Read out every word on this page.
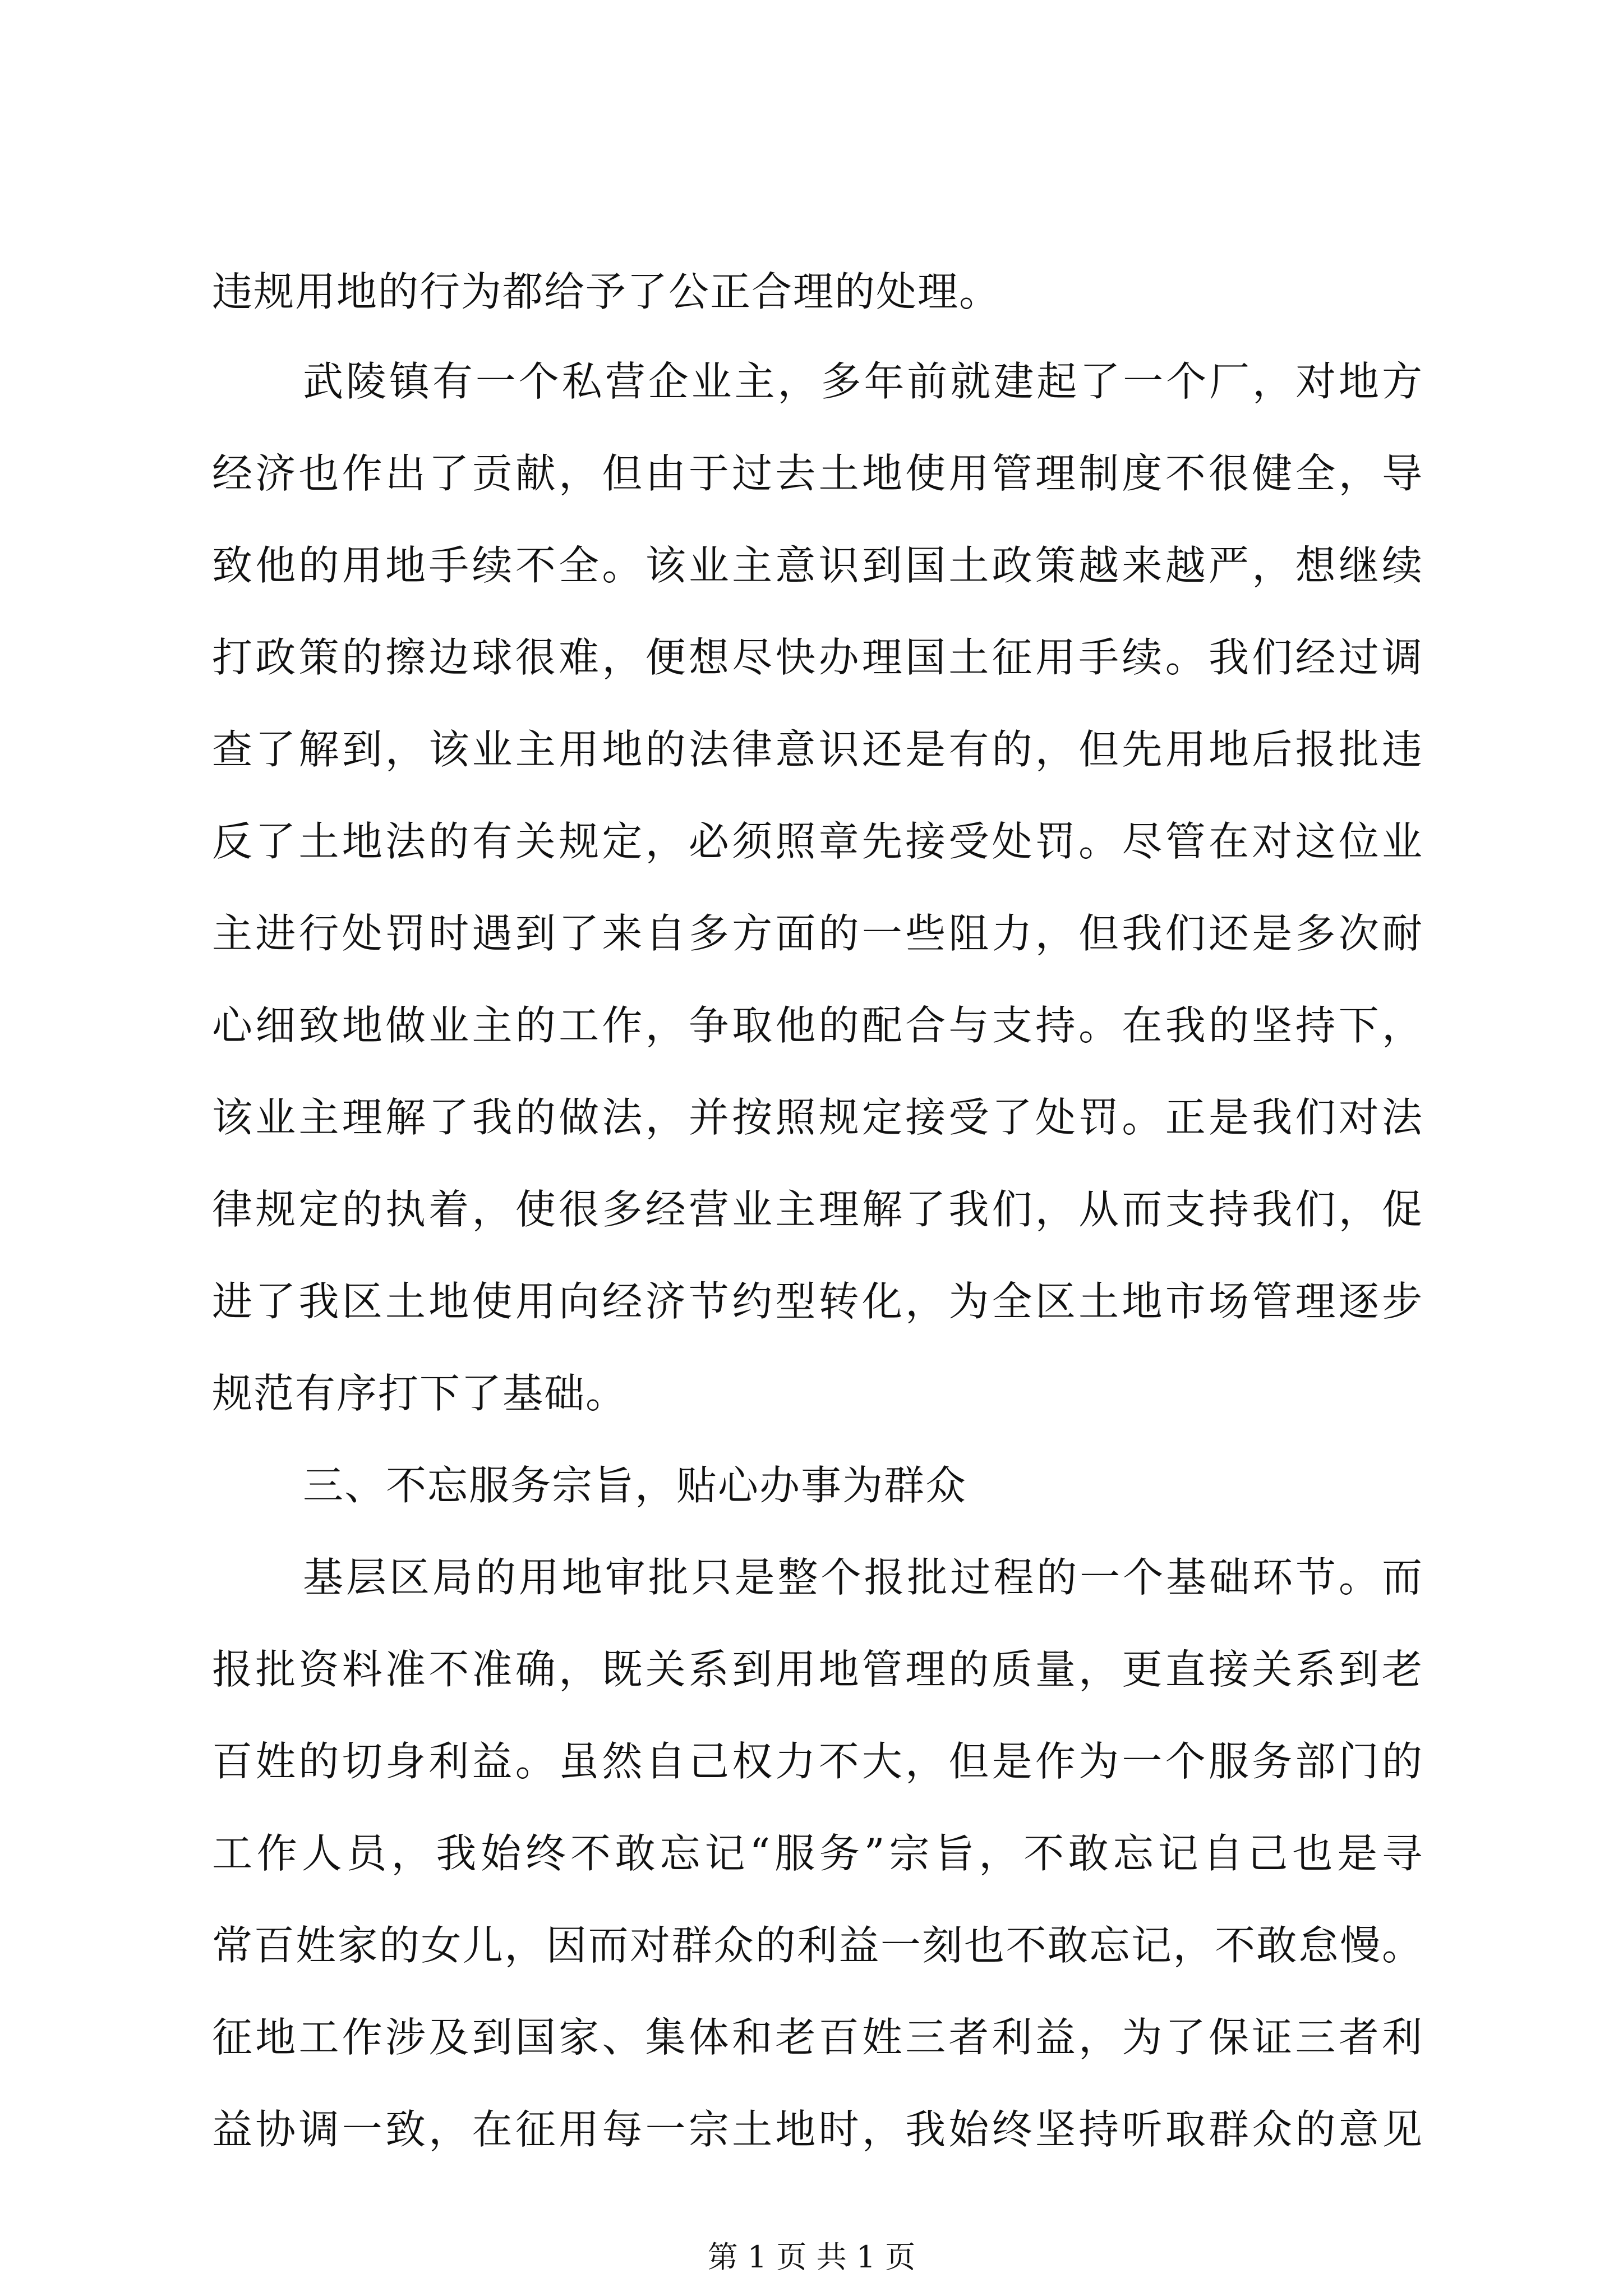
违规用地的行为都给予了公正合理的处理。
武陵镇有一个私营企业主，多年前就建起了一个厂，对地方
经济也作出了贡献，但由于过去土地使用管理制度不很健全，导
致他的用地手续不全。该业主意识到国土政策越来越严，想继续
打政策的擦边球很难，便想尽快办理国土征用手续。我们经过调
查了解到，该业主用地的法律意识还是有的，但先用地后报批违
反了土地法的有关规定，必须照章先接受处罚。尽管在对这位业
主进行处罚时遇到了来自多方面的一些阻力，但我们还是多次耐
心细致地做业主的工作，争取他的配合与支持。在我的坚持下，
该业主理解了我的做法，并按照规定接受了处罚。正是我们对法
律规定的执着，使很多经营业主理解了我们，从而支持我们，促
进了我区土地使用向经济节约型转化，为全区土地市场管理逐步
规范有序打下了基础。
三、不忘服务宗旨，贴心办事为群众
基层区局的用地审批只是整个报批过程的一个基础环节。而
报批资料准不准确，既关系到用地管理的质量，更直接关系到老
百姓的切身利益。虽然自己权力不大，但是作为一个服务部门的
工作人员，我始终不敢忘记“服务”宗旨，不敢忘记自己也是寻
常百姓家的女儿，因而对群众的利益一刻也不敢忘记，不敢怠慢。
征地工作涉及到国家、集体和老百姓三者利益，为了保证三者利
益协调一致，在征用每一宗土地时，我始终坚持听取群众的意见
第 1 页 共 1 页
